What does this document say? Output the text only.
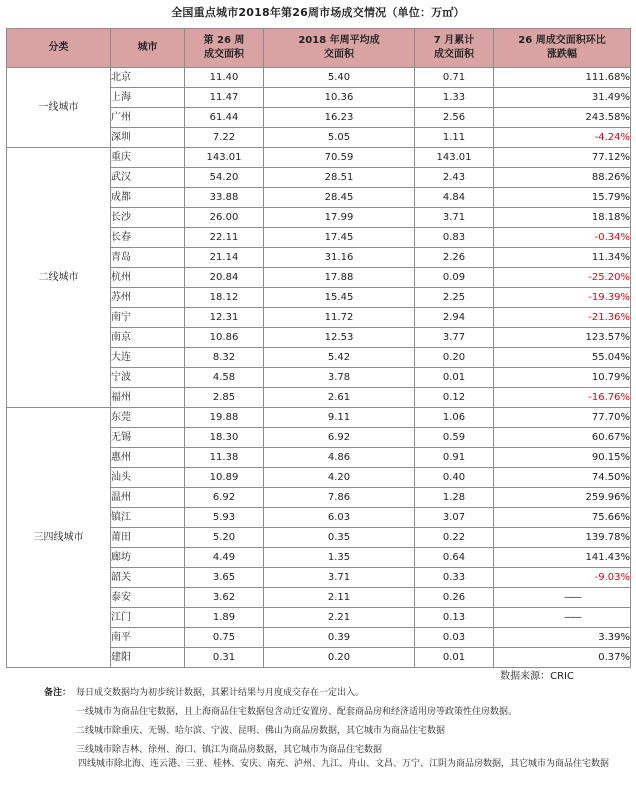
全国重点城市2018年第26周市场成交情况（单位：万㎡）
分类	城市	第 26 周成交面积	2018 年周平均成交面积	7 月累计成交面积	26 周成交面积环比涨跌幅
一线城市	北京	11.40	5.40	0.71	111.68%
	上海	11.47	10.36	1.33	31.49%
	广州	61.44	16.23	2.56	243.58%
	深圳	7.22	5.05	1.11	-4.24%
二线城市	重庆	143.01	70.59	143.01	77.12%
	武汉	54.20	28.51	2.43	88.26%
	成都	33.88	28.45	4.84	15.79%
	长沙	26.00	17.99	3.71	18.18%
	长春	22.11	17.45	0.83	-0.34%
	青岛	21.14	31.16	2.26	11.34%
	杭州	20.84	17.88	0.09	-25.20%
	苏州	18.12	15.45	2.25	-19.39%
	南宁	12.31	11.72	2.94	-21.36%
	南京	10.86	12.53	3.77	123.57%
	大连	8.32	5.42	0.20	55.04%
	宁波	4.58	3.78	0.01	10.79%
	福州	2.85	2.61	0.12	-16.76%
三四线城市	东莞	19.88	9.11	1.06	77.70%
	无锡	18.30	6.92	0.59	60.67%
	惠州	11.38	4.86	0.91	90.15%
	汕头	10.89	4.20	0.40	74.50%
	温州	6.92	7.86	1.28	259.96%
	镇江	5.93	6.03	3.07	75.66%
	莆田	5.20	0.35	0.22	139.78%
	廊坊	4.49	1.35	0.64	141.43%
	韶关	3.65	3.71	0.33	-9.03%
	泰安	3.62	2.11	0.26	——
	江门	1.89	2.21	0.13	——
	南平	0.75	0.39	0.03	3.39%
	建阳	0.31	0.20	0.01	0.37%
数据来源：CRIC
备注： 每日成交数据均为初步统计数据，其累计结果与月度成交存在一定出入。
一线城市为商品住宅数据，且上海商品住宅数据包含动迁安置房、配套商品房和经济适用房等政策性住房数据。
二线城市除重庆、无锡、哈尔滨、宁波、昆明、佛山为商品房数据，其它城市为商品住宅数据
三线城市除吉林、徐州、海口、镇江为商品房数据，其它城市为商品住宅数据
四线城市除北海、连云港、三亚、桂林、安庆、南充、泸州、九江、舟山、文昌、万宁、江阴为商品房数据，其它城市为商品住宅数据
